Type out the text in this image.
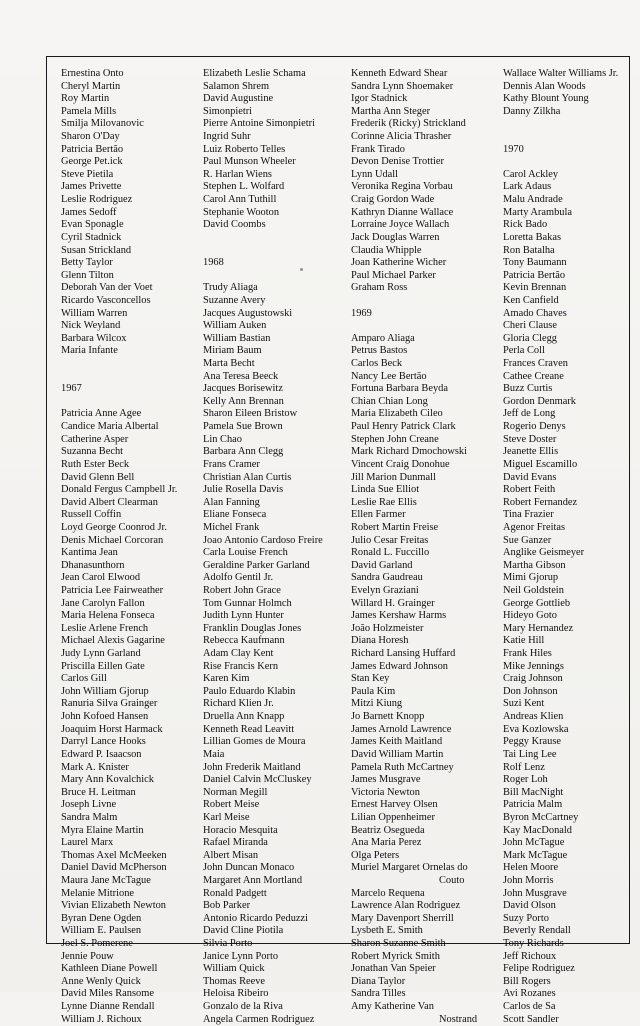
Ernestina Onto
Cheryl Martin
Roy Martin
Pamela Mills
Smilja Milovanovic
Sharon O'Day
Patricia Bertão
George Pet.ick
Steve Pietila
James Privette
Leslie Rodriguez
James Sedoff
Evan Sponagle
Cyril Stadnick
Susan Strickland
Betty Taylor
Glenn Tilton
Deborah Van der Voet
Ricardo Vasconcellos
William Warren
Nick Weyland
Barbara Wilcox
Maria Infante
1967
Patricia Anne Agee
Candice Maria Albertal
Catherine Asper
Suzanna Becht
Ruth Ester Beck
David Glenn Bell
Donald Fergus Campbell Jr.
David Albert Clearman
Russell Coffin
Loyd George Coonrod Jr.
Denis Michael Corcoran
Kantima Jean
Dhanasunthorn
Jean Carol Elwood
Patricia Lee Fairweather
Jane Carolyn Fallon
Maria Helena Fonseca
Leslie Arlene French
Michael Alexis Gagarine
Judy Lynn Garland
Priscilla Eillen Gate
Carlos Gill
John William Gjorup
Ranuria Silva Grainger
John Kofoed Hansen
Joaquim Horst Harmack
Darryl Lance Hooks
Edward P. Isaacson
Mark A. Knister
Mary Ann Kovalchick
Bruce H. Leitman
Joseph Livne
Sandra Malm
Myra Elaine Martin
Laurel Marx
Thomas Axel McMeeken
Daniel David McPherson
Maura Jane McTague
Melanie Mitrione
Vivian Elizabeth Newton
Byran Dene Ogden
William E. Paulsen
Joel S. Pomerene
Jennie Pouw
Kathleen Diane Powell
Anne Wenly Quick
David Miles Ransome
Lynne Dianne Rendall
William J. Richoux
Elizabeth Leslie Schama
Salamon Shrem
David Augustine
Simonpietri
Pierre Antoine Simonpietri
Ingrid Suhr
Luiz Roberto Telles
Paul Munson Wheeler
R. Harlan Wiens
Stephen L. Wolfard
Carol Ann Tuthill
Stephanie Wooton
David Coombs
1968
Trudy Aliaga
Suzanne Avery
Jacques Augustowski
William Auken
William Bastian
Miriam Baum
Marta Becht
Ana Teresa Beeck
Jacques Borisewitz
Kelly Ann Brennan
Sharon Eileen Bristow
Pamela Sue Brown
Lin Chao
Barbara Ann Clegg
Frans Cramer
Christian Alan Curtis
Julie Rosella Davis
Alan Fanning
Eliane Fonseca
Michel Frank
Joao Antonio Cardoso Freire
Carla Louise French
Geraldine Parker Garland
Adolfo Gentil Jr.
Robert John Grace
Tom Gunnar Holmch
Judith Lynn Hunter
Franklin Douglas Jones
Rebecca Kaufmann
Adam Clay Kent
Rise Francis Kern
Karen Kim
Paulo Eduardo Klabin
Richard Klien Jr.
Druella Ann Knapp
Kenneth Read Leavitt
Lillian Gomes de Moura
Maia
John Frederik Maitland
Daniel Calvin McCluskey
Norman Megill
Robert Meise
Karl Meise
Horacio Mesquita
Rafael Miranda
Albert Misan
John Duncan Monaco
Margaret Ann Mortland
Ronald Padgett
Bob Parker
Antonio Ricardo Peduzzi
David Cline Piotila
Silvia Porto
Janice Lynn Porto
William Quick
Thomas Reeve
Heloisa Ribeiro
Gonzalo de la Riva
Angela Carmen Rodriguez
Kenneth Edward Shear
Sandra Lynn Shoemaker
Igor Stadnick
Martha Ann Steger
Frederik (Ricky) Strickland
Corinne Alicia Thrasher
Frank Tirado
Devon Denise Trottier
Lynn Udall
Veronika Regina Vorbau
Craig Gordon Wade
Kathryn Dianne Wallace
Lorraine Joyce Wallach
Jack Douglas Warren
Claudia Whipple
Joan Katherine Wicher
Paul Michael Parker
Graham Ross
1969
Amparo Aliaga
Petrus Bastos
Carlos Beck
Nancy Lee Bertão
Fortuna Barbara Beyda
Chian Chian Long
Maria Elizabeth Cileo
Paul Henry Patrick Clark
Stephen John Creane
Mark Richard Dmochowski
Vincent Craig Donohue
Jill Marion Dunmall
Linda Sue Elliot
Leslie Rae Ellis
Ellen Farmer
Robert Martin Freise
Julio Cesar Freitas
Ronald L. Fuccillo
David Garland
Sandra Gaudreau
Evelyn Graziani
Willard H. Grainger
James Kershaw Harms
João Holzmeister
Diana Horesh
Richard Lansing Huffard
James Edward Johnson
Stan Key
Paula Kim
Mitzi Kiung
Jo Barnett Knopp
James Arnold Lawrence
James Keith Maitland
David William Martin
Pamela Ruth McCartney
James Musgrave
Victoria Newton
Ernest Harvey Olsen
Lilian Oppenheimer
Beatriz Osegueda
Ana Maria Perez
Olga Peters
Muriel Margaret Ornelas do
Couto
Marcelo Requena
Lawrence Alan Rodriguez
Mary Davenport Sherrill
Lysbeth E. Smith
Sharon Suzanne Smith
Robert Myrick Smith
Jonathan Van Speier
Diana Taylor
Sandra Tilles
Amy Katherine Van
Nostrand
Wallace Walter Williams Jr.
Dennis Alan Woods
Kathy Blount Young
Danny Zilkha
1970
Carol Ackley
Lark Adaus
Malu Andrade
Marty Arambula
Rick Bado
Loretta Bakas
Ron Batalha
Tony Baumann
Patricia Bertão
Kevin Brennan
Ken Canfield
Amado Chaves
Cheri Clause
Gloria Clegg
Perla Coll
Frances Craven
Cathee Creane
Buzz Curtis
Gordon Denmark
Jeff de Long
Rogerio Denys
Steve Doster
Jeanette Ellis
Miguel Escamillo
David Evans
Robert Feith
Robert Fernandez
Tina Frazier
Agenor Freitas
Sue Ganzer
Anglike Geismeyer
Martha Gibson
Mimi Gjorup
Neil Goldstein
George Gottlieb
Hideyo Goto
Mary Hernandez
Katie Hill
Frank Hiles
Mike Jennings
Craig Johnson
Don Johnson
Suzi Kent
Andreas Klien
Eva Kozlowska
Peggy Krause
Tai Ling Lee
Rolf Lenz
Roger Loh
Bill MacNight
Patricia Malm
Byron McCartney
Kay MacDonald
John McTague
Mark McTague
Helen Moore
John Morris
John Musgrave
David Olson
Suzy Porto
Beverly Rendall
Tony Richards
Jeff Richoux
Felipe Rodriguez
Bill Rogers
Avi Rozanes
Carlos de Sa
Scott Sandler
